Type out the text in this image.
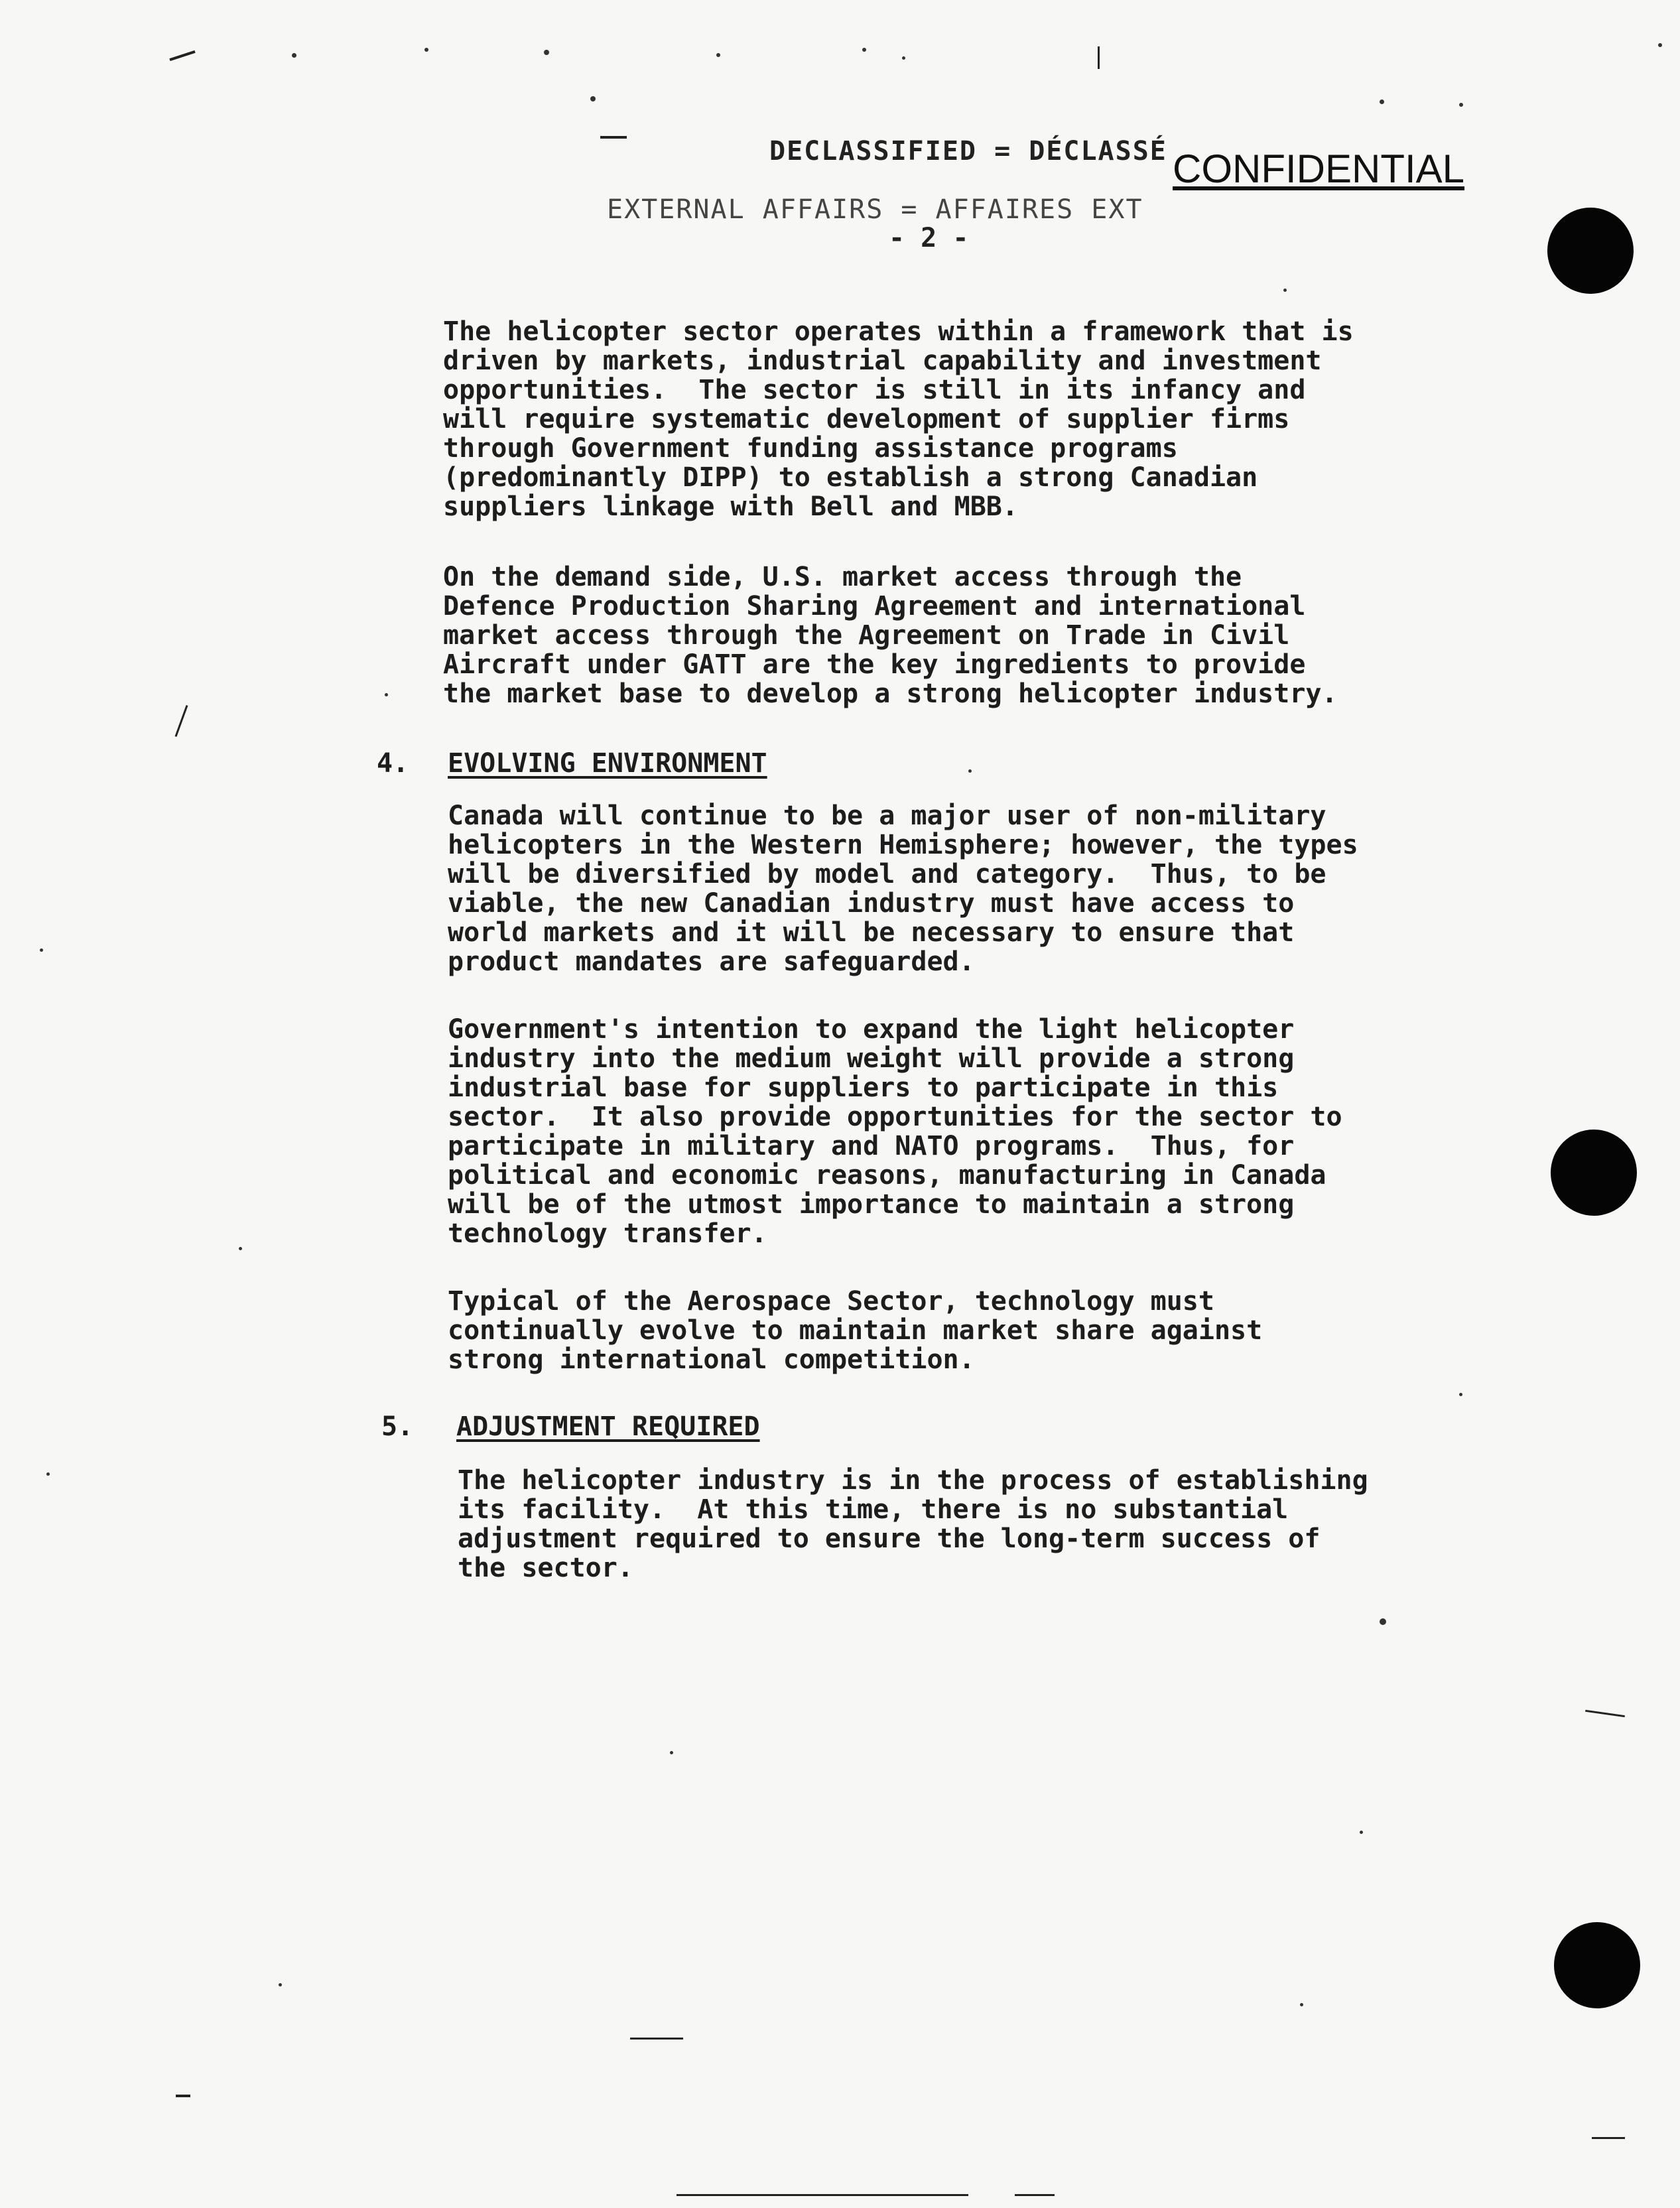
DECLASSIFIED = DÉCLASSÉ
EXTERNAL AFFAIRS = AFFAIRES EXT
CONFIDENTIAL
- 2 -

The helicopter sector operates within a framework that is
driven by markets, industrial capability and investment
opportunities.  The sector is still in its infancy and
will require systematic development of supplier firms
through Government funding assistance programs
(predominantly DIPP) to establish a strong Canadian
suppliers linkage with Bell and MBB.

On the demand side, U.S. market access through the
Defence Production Sharing Agreement and international
market access through the Agreement on Trade in Civil
Aircraft under GATT are the key ingredients to provide
the market base to develop a strong helicopter industry.

4. EVOLVING ENVIRONMENT

Canada will continue to be a major user of non-military
helicopters in the Western Hemisphere; however, the types
will be diversified by model and category.  Thus, to be
viable, the new Canadian industry must have access to
world markets and it will be necessary to ensure that
product mandates are safeguarded.

Government's intention to expand the light helicopter
industry into the medium weight will provide a strong
industrial base for suppliers to participate in this
sector.  It also provide opportunities for the sector to
participate in military and NATO programs.  Thus, for
political and economic reasons, manufacturing in Canada
will be of the utmost importance to maintain a strong
technology transfer.

Typical of the Aerospace Sector, technology must
continually evolve to maintain market share against
strong international competition.

5. ADJUSTMENT REQUIRED

The helicopter industry is in the process of establishing
its facility.  At this time, there is no substantial
adjustment required to ensure the long-term success of
the sector.
